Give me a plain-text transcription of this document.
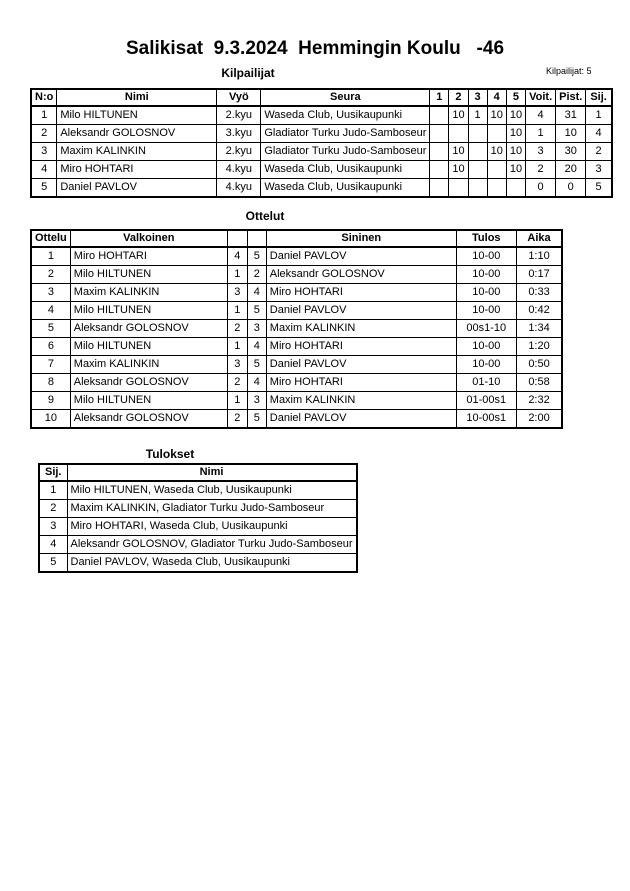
Salikisat  9.3.2024  Hemmingin Koulu   -46
Kilpailijat: 5
Kilpailijat
N:o	Nimi	Vyö	Seura	1	2	3	4	5	Voit.	Pist.	Sij.
1	Milo HILTUNEN	2.kyu	Waseda Club, Uusikaupunki		10	1	10	10	4	31	1
2	Aleksandr GOLOSNOV	3.kyu	Gladiator Turku Judo-Samboseur					10	1	10	4
3	Maxim KALINKIN	2.kyu	Gladiator Turku Judo-Samboseur		10		10	10	3	30	2
4	Miro HOHTARI	4.kyu	Waseda Club, Uusikaupunki		10			10	2	20	3
5	Daniel PAVLOV	4.kyu	Waseda Club, Uusikaupunki						0	0	5
Ottelut
Ottelu	Valkoinen			Sininen	Tulos	Aika
1	Miro HOHTARI	4	5	Daniel PAVLOV	10-00	1:10
2	Milo HILTUNEN	1	2	Aleksandr GOLOSNOV	10-00	0:17
3	Maxim KALINKIN	3	4	Miro HOHTARI	10-00	0:33
4	Milo HILTUNEN	1	5	Daniel PAVLOV	10-00	0:42
5	Aleksandr GOLOSNOV	2	3	Maxim KALINKIN	00s1-10	1:34
6	Milo HILTUNEN	1	4	Miro HOHTARI	10-00	1:20
7	Maxim KALINKIN	3	5	Daniel PAVLOV	10-00	0:50
8	Aleksandr GOLOSNOV	2	4	Miro HOHTARI	01-10	0:58
9	Milo HILTUNEN	1	3	Maxim KALINKIN	01-00s1	2:32
10	Aleksandr GOLOSNOV	2	5	Daniel PAVLOV	10-00s1	2:00
Tulokset
Sij.	Nimi
1	Milo HILTUNEN, Waseda Club, Uusikaupunki
2	Maxim KALINKIN, Gladiator Turku Judo-Samboseur
3	Miro HOHTARI, Waseda Club, Uusikaupunki
4	Aleksandr GOLOSNOV, Gladiator Turku Judo-Samboseur
5	Daniel PAVLOV, Waseda Club, Uusikaupunki
